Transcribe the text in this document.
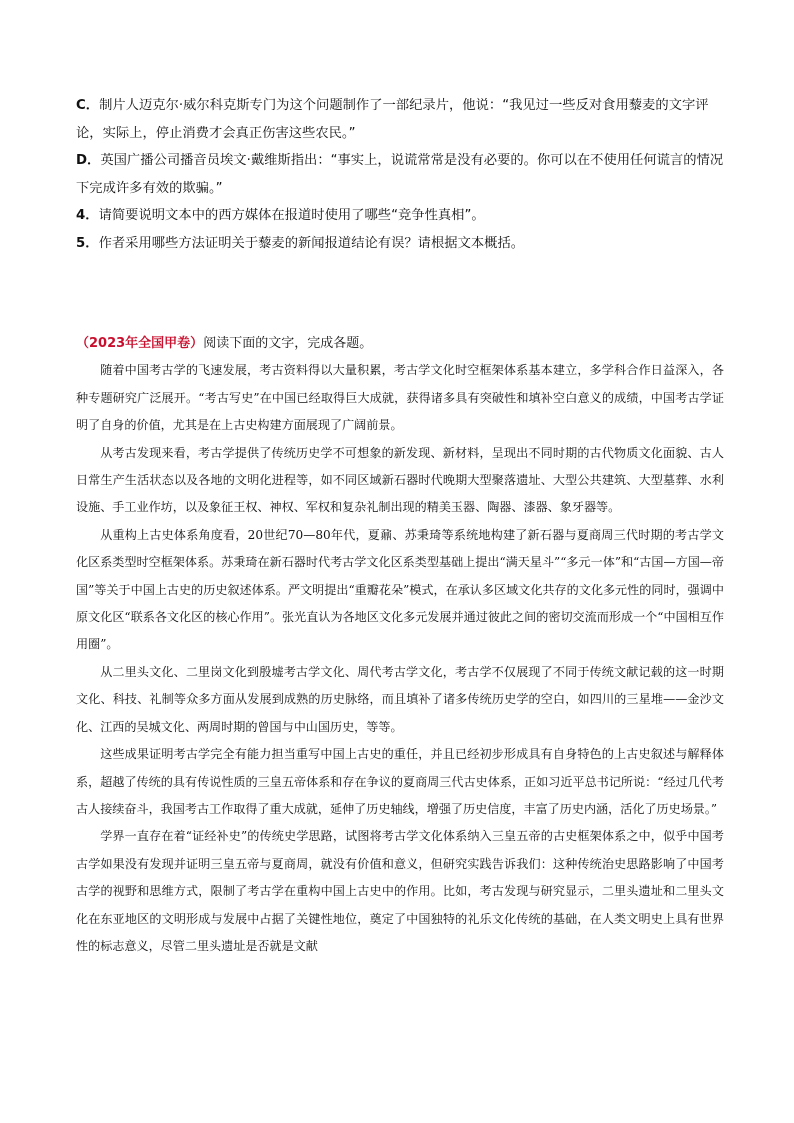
C．制片人迈克尔·威尔科克斯专门为这个问题制作了一部纪录片，他说：“我见过一些反对食用藜麦的文字评论，实际上，停止消费才会真正伤害这些农民。”

D．英国广播公司播音员埃文·戴维斯指出：“事实上，说谎常常是没有必要的。你可以在不使用任何谎言的情况下完成许多有效的欺骗。”

4．请简要说明文本中的西方媒体在报道时使用了哪些“竞争性真相”。

5．作者采用哪些方法证明关于藜麦的新闻报道结论有误？请根据文本概括。

（2023年全国甲卷）阅读下面的文字，完成各题。

随着中国考古学的飞速发展，考古资料得以大量积累，考古学文化时空框架体系基本建立，多学科合作日益深入，各种专题研究广泛展开。“考古写史”在中国已经取得巨大成就，获得诸多具有突破性和填补空白意义的成绩，中国考古学证明了自身的价值，尤其是在上古史构建方面展现了广阔前景。

从考古发现来看，考古学提供了传统历史学不可想象的新发现、新材料，呈现出不同时期的古代物质文化面貌、古人日常生产生活状态以及各地的文明化进程等，如不同区域新石器时代晚期大型聚落遗址、大型公共建筑、大型墓葬、水利设施、手工业作坊，以及象征王权、神权、军权和复杂礼制出现的精美玉器、陶器、漆器、象牙器等。

从重构上古史体系角度看，20世纪70—80年代，夏鼐、苏秉琦等系统地构建了新石器与夏商周三代时期的考古学文化区系类型时空框架体系。苏秉琦在新石器时代考古学文化区系类型基础上提出“满天星斗”“多元一体”和“古国—方国—帝国”等关于中国上古史的历史叙述体系。严文明提出“重瓣花朵”模式，在承认多区域文化共存的文化多元性的同时，强调中原文化区“联系各文化区的核心作用”。张光直认为各地区文化多元发展并通过彼此之间的密切交流而形成一个“中国相互作用圈”。

从二里头文化、二里岗文化到殷墟考古学文化、周代考古学文化，考古学不仅展现了不同于传统文献记载的这一时期文化、科技、礼制等众多方面从发展到成熟的历史脉络，而且填补了诸多传统历史学的空白，如四川的三星堆——金沙文化、江西的吴城文化、两周时期的曾国与中山国历史，等等。

这些成果证明考古学完全有能力担当重写中国上古史的重任，并且已经初步形成具有自身特色的上古史叙述与解释体系，超越了传统的具有传说性质的三皇五帝体系和存在争议的夏商周三代古史体系，正如习近平总书记所说：“经过几代考古人接续奋斗，我国考古工作取得了重大成就，延伸了历史轴线，增强了历史信度，丰富了历史内涵，活化了历史场景。”

学界一直存在着“证经补史”的传统史学思路，试图将考古学文化体系纳入三皇五帝的古史框架体系之中，似乎中国考古学如果没有发现并证明三皇五帝与夏商周，就没有价值和意义，但研究实践告诉我们：这种传统治史思路影响了中国考古学的视野和思维方式，限制了考古学在重构中国上古史中的作用。比如，考古发现与研究显示，二里头遗址和二里头文化在东亚地区的文明形成与发展中占据了关键性地位，奠定了中国独特的礼乐文化传统的基础，在人类文明史上具有世界性的标志意义，尽管二里头遗址是否就是文献
